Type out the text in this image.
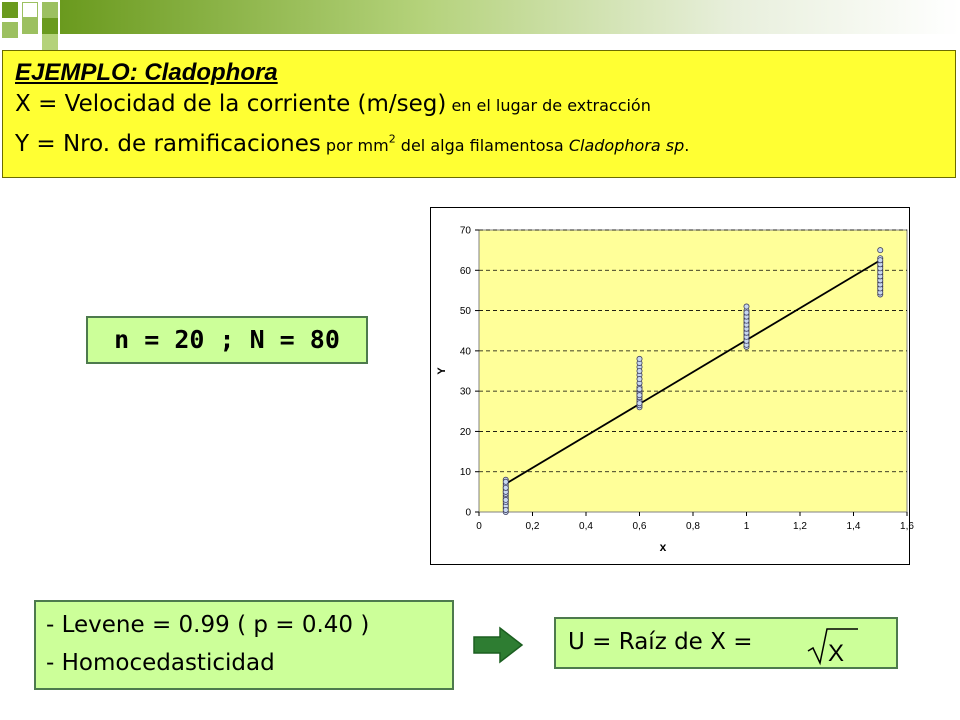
EJEMPLO: Cladophora
X = Velocidad de la corriente (m/seg) en el lugar de extracción
Y = Nro. de ramificaciones por $mm^2$ del alga filamentosa Cladophora sp.
n = 20 ; N = 80
0
10
20
30
40
50
60
70
0	0,2	0,4	0,6	0,8	1	1,2	1,4	1,6
x
Y
- Levene = 0.99 ( p = 0.40 )
- Homocedasticidad
U = Raíz de X =	X
